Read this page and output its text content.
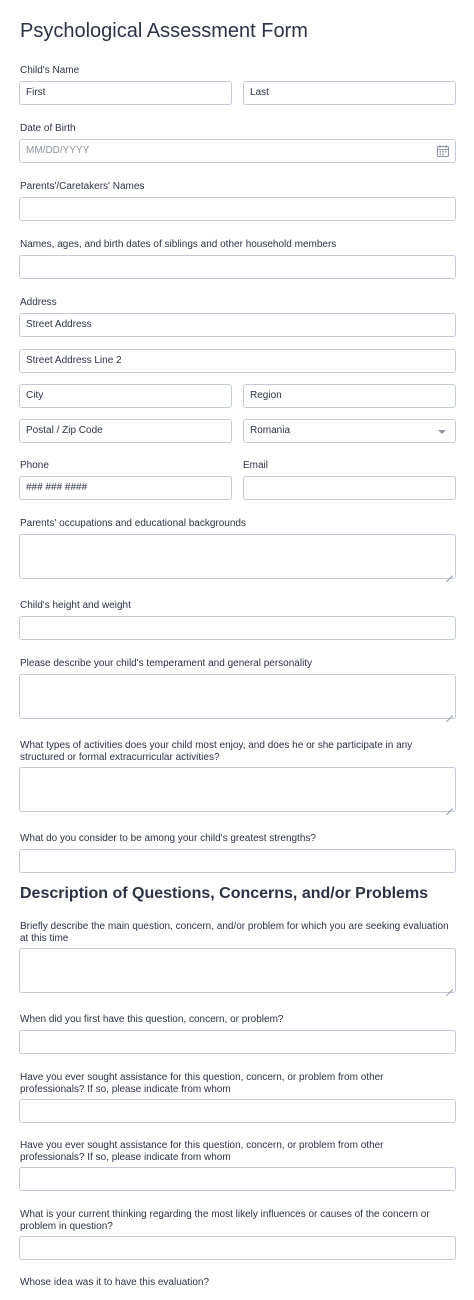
Psychological Assessment Form
Child's Name
First	Last
Date of Birth
MM/DD/YYYY
Parents'/Caretakers' Names
Names, ages, and birth dates of siblings and other household members
Address
Street Address
Street Address Line 2
City	Region
Postal / Zip Code	Romania
Phone	Email
### ### ####
Parents' occupations and educational backgrounds
Child's height and weight
Please describe your child's temperament and general personality
What types of activities does your child most enjoy, and does he or she participate in any structured or formal extracurricular activities?
What do you consider to be among your child's greatest strengths?
Description of Questions, Concerns, and/or Problems
Briefly describe the main question, concern, and/or problem for which you are seeking evaluation at this time
When did you first have this question, concern, or problem?
Have you ever sought assistance for this question, concern, or problem from other professionals? If so, please indicate from whom
Have you ever sought assistance for this question, concern, or problem from other professionals? If so, please indicate from whom
What is your current thinking regarding the most likely influences or causes of the concern or problem in question?
Whose idea was it to have this evaluation?
